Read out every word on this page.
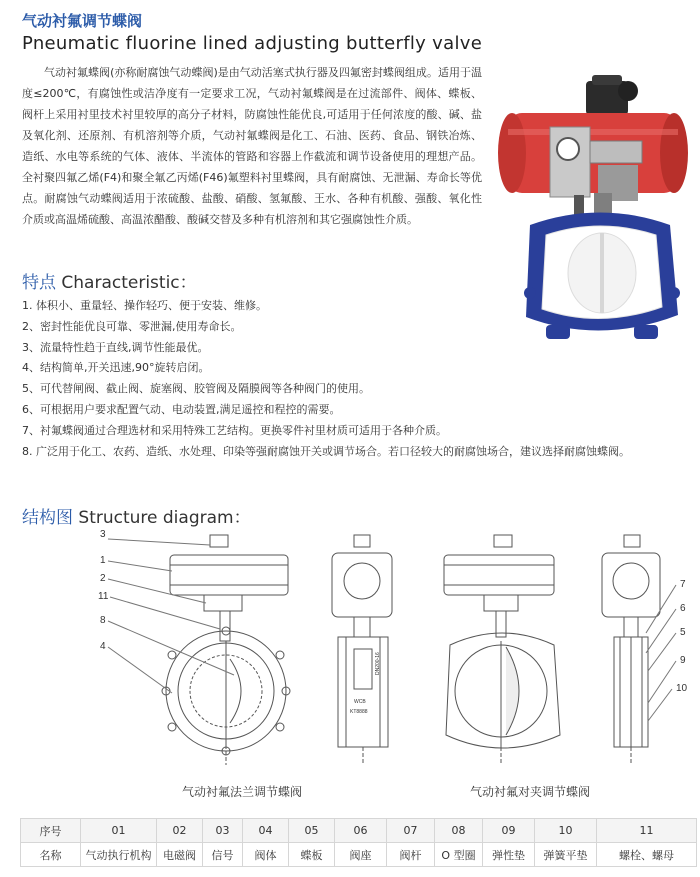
气动衬氟调节蝶阀
Pneumatic fluorine lined adjusting butterfly valve
气动衬氟蝶阀(亦称耐腐蚀气动蝶阀)是由气动活塞式执行器及四氟密封蝶阀组成。适用于温度≤200℃，有腐蚀性或洁净度有一定要求工况，气动衬氟蝶阀是在过流部件、阀体、蝶板、阀杆上采用衬里技术衬里较厚的高分子材料，防腐蚀性能优良,可适用于任何浓度的酸、碱、盐及氧化剂、还原剂、有机溶剂等介质，气动衬氟蝶阀是化工、石油、医药、食品、钢铁冶炼、造纸、水电等系统的气体、液体、半流体的管路和容器上作截流和调节设备使用的理想产品。全衬聚四氟乙烯(F4)和聚全氟乙丙烯(F46)氟塑料衬里蝶阀，具有耐腐蚀、无泄漏、寿命长等优点。耐腐蚀气动蝶阀适用于浓硫酸、盐酸、硝酸、氢氟酸、王水、各种有机酸、强酸、氧化性介质或高温烯硫酸、高温浓醋酸、酸碱交替及多种有机溶剂和其它强腐蚀性介质。
特点 Characteristic：
1. 体积小、重量轻、操作轻巧、便于安装、维修。
2、密封性能优良可靠、零泄漏,使用寿命长。
3、流量特性趋于直线,调节性能最优。
4、结构简单,开关迅速,90°旋转启闭。
5、可代替闸阀、截止阀、旋塞阀、胶管阀及隔膜阀等各种阀门的使用。
6、可根据用户要求配置气动、电动装置,满足遥控和程控的需要。
7、衬氟蝶阀通过合理选材和采用特殊工艺结构。更换零件衬里材质可适用于各种介质。
8. 广泛用于化工、农药、造纸、水处理、印染等强耐腐蚀开关或调节场合。若口径较大的耐腐蚀场合，建议选择耐腐蚀蝶阀。
结构图 Structure diagram：
3
1
2
11
8
4
DN200-16
WCB
KT8888
7
6
5
9
10
气动衬氟法兰调节蝶阀	气动衬氟对夹调节蝶阀
序号	01	02	03	04	05	06	07	08	09	10	11
名称	气动执行机构	电磁阀	信号	阀体	蝶板	阀座	阀杆	O 型圈	弹性垫	弹簧平垫	螺栓、螺母
